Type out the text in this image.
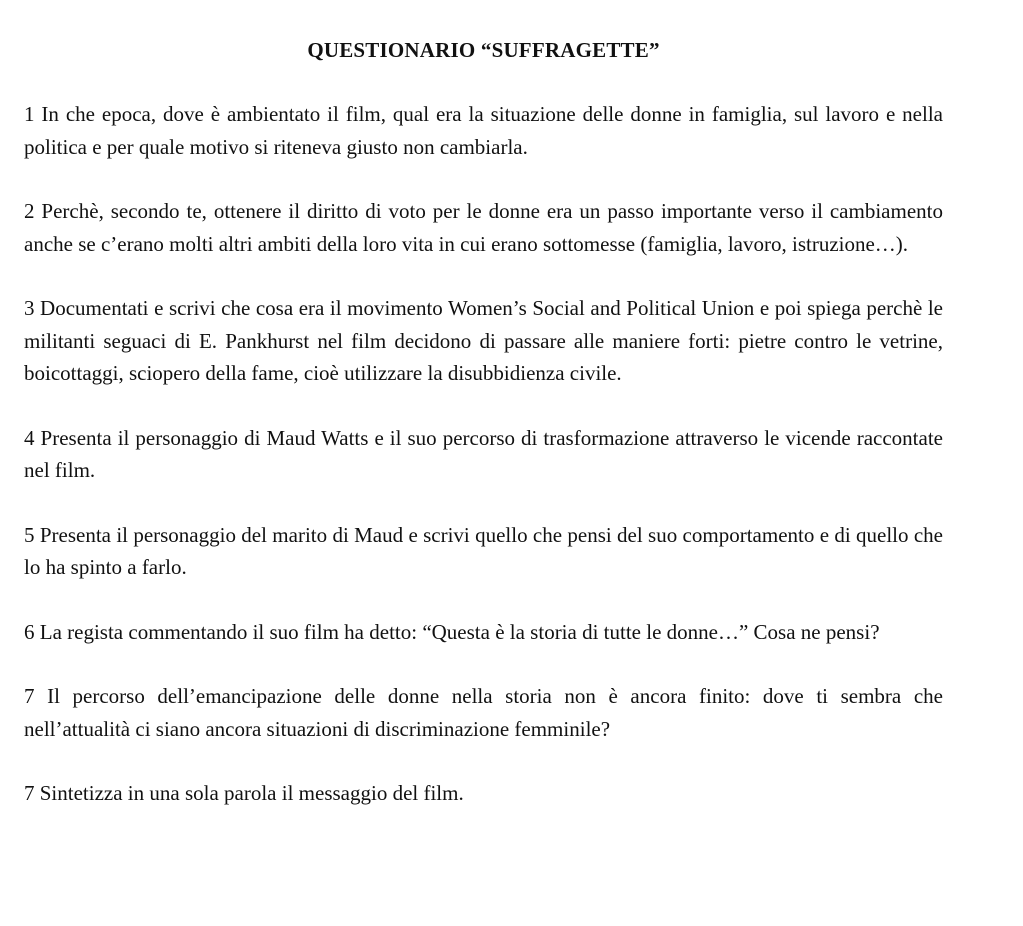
QUESTIONARIO “SUFFRAGETTE”
1 In che epoca, dove è ambientato il film, qual era la situazione delle donne in famiglia, sul lavoro e nella politica e per quale motivo si riteneva giusto non cambiarla.
2 Perchè, secondo te, ottenere il diritto di voto per le donne era un passo importante verso il cambiamento anche se c’erano molti altri ambiti della loro vita in cui erano sottomesse (famiglia, lavoro, istruzione…).
3 Documentati e scrivi che cosa era il movimento Women’s Social and Political Union e poi spiega perchè le militanti seguaci di E. Pankhurst nel film decidono di passare alle maniere forti: pietre contro le vetrine, boicottaggi, sciopero della fame, cioè utilizzare la disubbidienza civile.
4 Presenta il personaggio di Maud Watts e il suo percorso di trasformazione attraverso le vicende raccontate nel film.
5 Presenta il personaggio del marito di Maud e scrivi quello che pensi del suo comportamento e di quello che lo ha spinto a farlo.
6 La regista commentando il suo film ha detto: “Questa è la storia di tutte le donne…” Cosa ne pensi?
7 Il percorso dell’emancipazione delle donne nella storia non è ancora finito: dove ti sembra che nell’attualità ci siano ancora situazioni di discriminazione femminile?
7 Sintetizza in una sola parola il messaggio del film.
